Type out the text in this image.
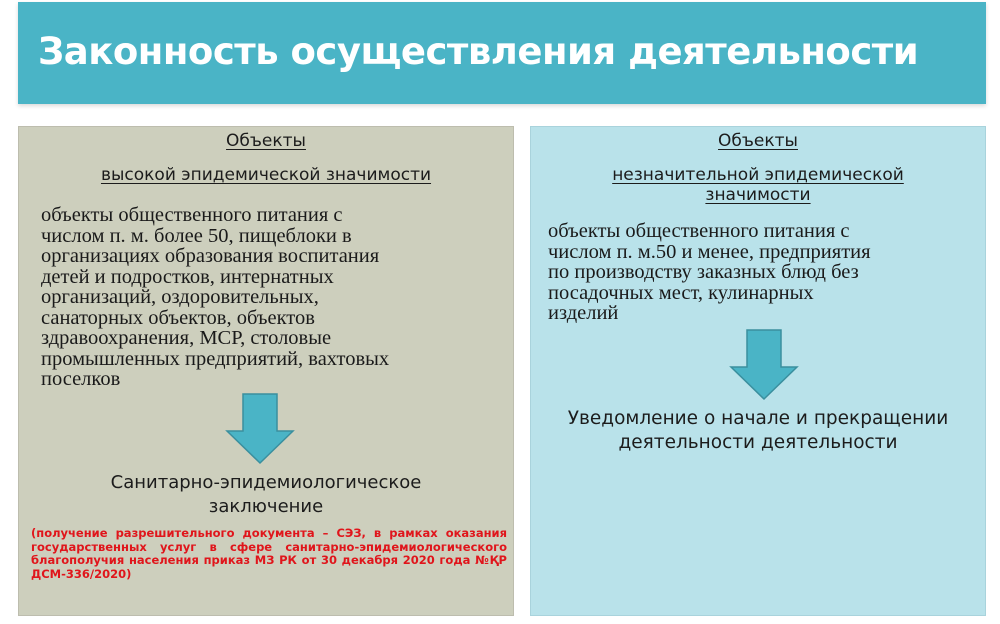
Законность осуществления деятельности
Объекты
высокой эпидемической значимости
объекты общественного питания с
числом п. м. более 50, пищеблоки в
организациях образования воспитания
детей и подростков, интернатных
организаций, оздоровительных,
санаторных объектов, объектов
здравоохранения, МСР, столовые
промышленных предприятий, вахтовых
поселков
Санитарно-эпидемиологическое
заключение
(получение разрешительного документа – СЭЗ, в рамках оказания государственных услуг в сфере санитарно-эпидемиологического благополучия населения приказ МЗ РК от 30 декабря 2020 года №ҚР ДСМ-336/2020)
Объекты
незначительной эпидемической
значимости
объекты общественного питания с
числом п. м.50 и менее, предприятия
по производству заказных блюд без
посадочных мест, кулинарных
изделий
Уведомление о начале и прекращении
деятельности деятельности
